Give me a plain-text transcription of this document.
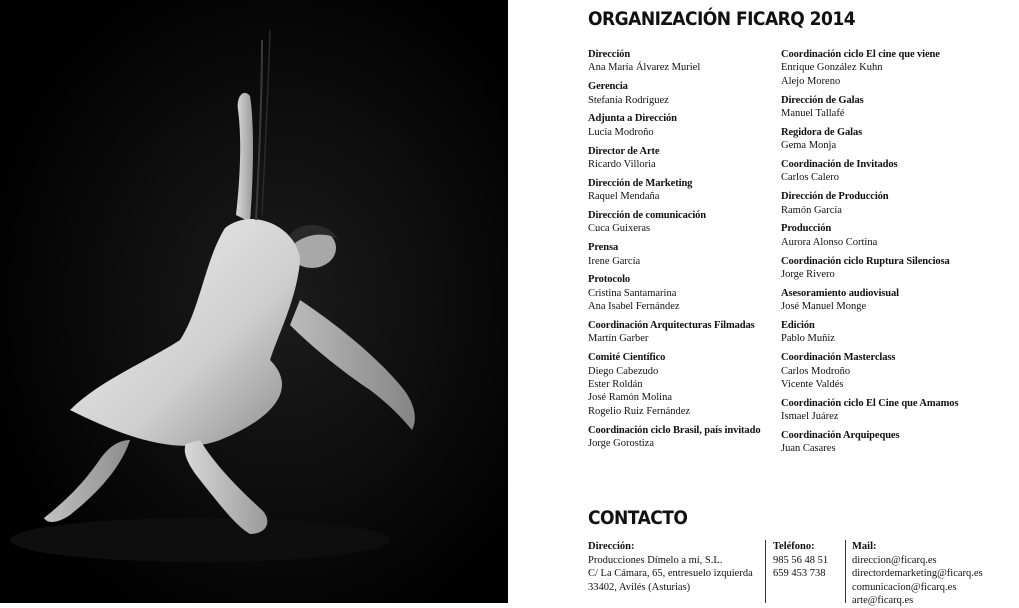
ORGANIZACIÓN FICARQ 2014
Dirección
Ana María Álvarez Muriel
Gerencia
Stefanía Rodríguez
Adjunta a Dirección
Lucía Modroño
Director de Arte
Ricardo Villoria
Dirección de Marketing
Raquel Mendaña
Dirección de comunicación
Cuca Guixeras
Prensa
Irene García
Protocolo
Cristina Santamarina
Ana Isabel Fernández
Coordinación Arquitecturas Filmadas
Martín Garber
Comité Científico
Diego Cabezudo
Ester Roldán
José Ramón Molina
Rogelio Ruiz Fernández
Coordinación ciclo Brasil, país invitado
Jorge Gorostiza
Coordinación ciclo El cine que viene
Enrique González Kuhn
Alejo Moreno
Dirección de Galas
Manuel Tallafé
Regidora de Galas
Gema Monja
Coordinación de Invitados
Carlos Calero
Dirección de Producción
Ramón García
Producción
Aurora Alonso Cortina
Coordinación ciclo Ruptura Silenciosa
Jorge Rivero
Asesoramiento audiovisual
José Manuel Monge
Edición
Pablo Muñiz
Coordinación Masterclass
Carlos Modroño
Vicente Valdés
Coordinación ciclo El Cine que Amamos
Ismael Juárez
Coordinación Arquipeques
Juan Casares
CONTACTO
Dirección:
Producciones Dímelo a mí, S.L.
C/ La Cámara, 65, entresuelo izquierda
33402, Avilés (Asturias)
Teléfono:
985 56 48 51
659 453 738
Mail:
direccion@ficarq.es
directordemarketing@ficarq.es
comunicacion@ficarq.es
arte@ficarq.es
